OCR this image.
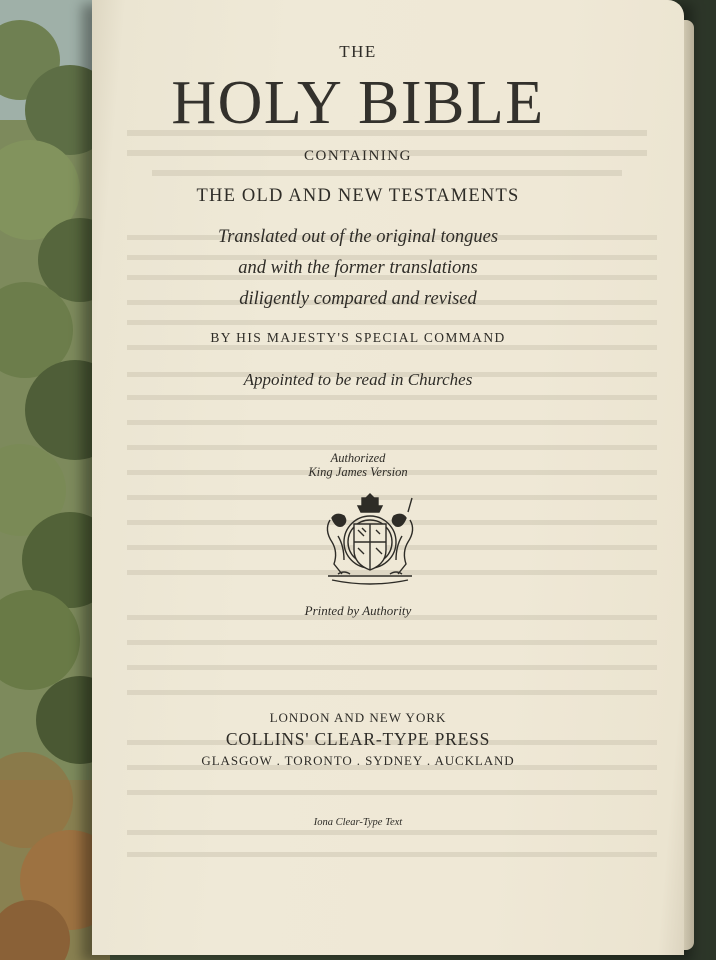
THE
HOLY BIBLE
CONTAINING
THE OLD AND NEW TESTAMENTS
Translated out of the original tongues
and with the former translations
diligently compared and revised
BY HIS MAJESTY'S SPECIAL COMMAND
Appointed to be read in Churches
Authorized
King James Version
Printed by Authority
LONDON AND NEW YORK
COLLINS' CLEAR-TYPE PRESS
GLASGOW . TORONTO . SYDNEY . AUCKLAND
Iona Clear-Type Text
